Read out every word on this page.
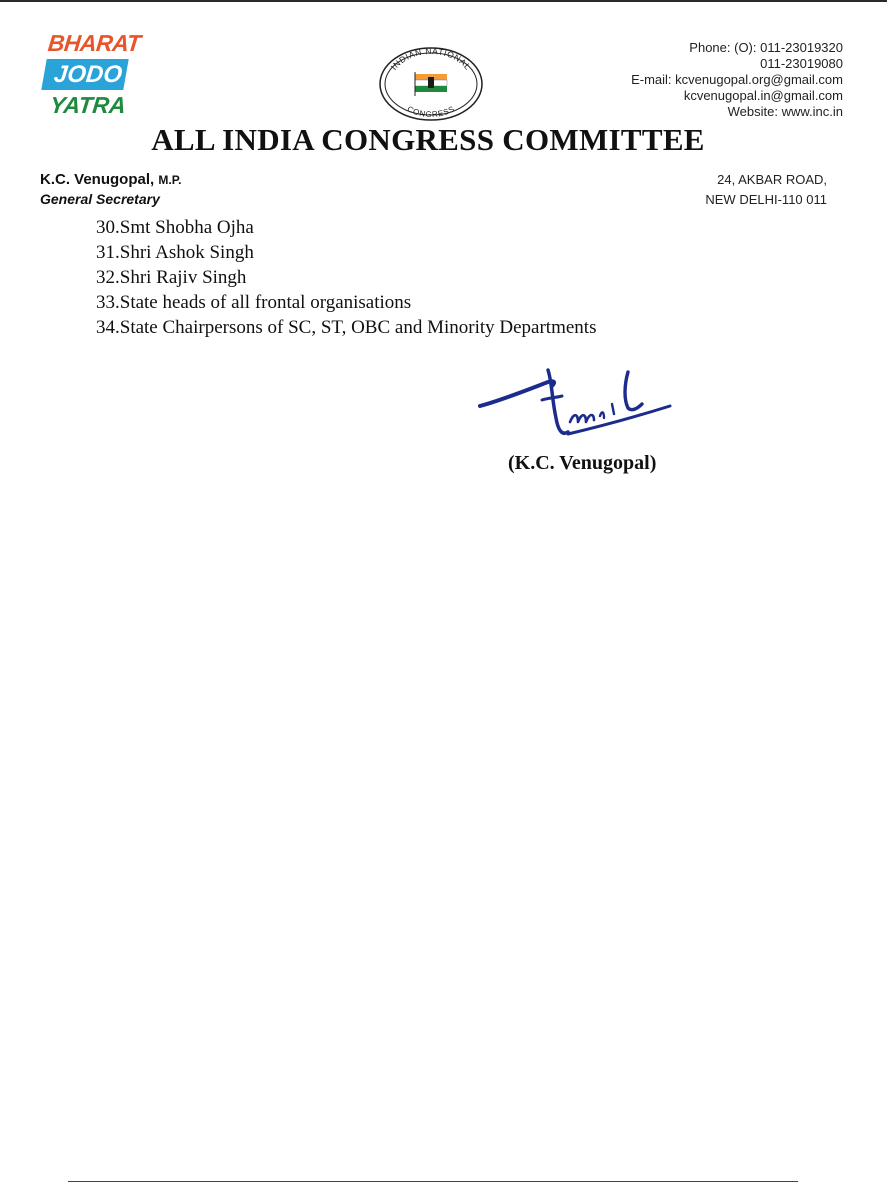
BHARAT
JODO
YATRA
INDIAN NATIONAL
CONGRESS
Phone: (O): 011-23019320
011-23019080
E-mail: kcvenugopal.org@gmail.com
kcvenugopal.in@gmail.com
Website: www.inc.in
ALL INDIA CONGRESS COMMITTEE
K.C. Venugopal, M.P.
General Secretary
24, AKBAR ROAD,
NEW DELHI-110 011
30.Smt Shobha Ojha
31.Shri Ashok Singh
32.Shri Rajiv Singh
33.State heads of all frontal organisations
34.State Chairpersons of SC, ST, OBC and Minority Departments
(K.C. Venugopal)
